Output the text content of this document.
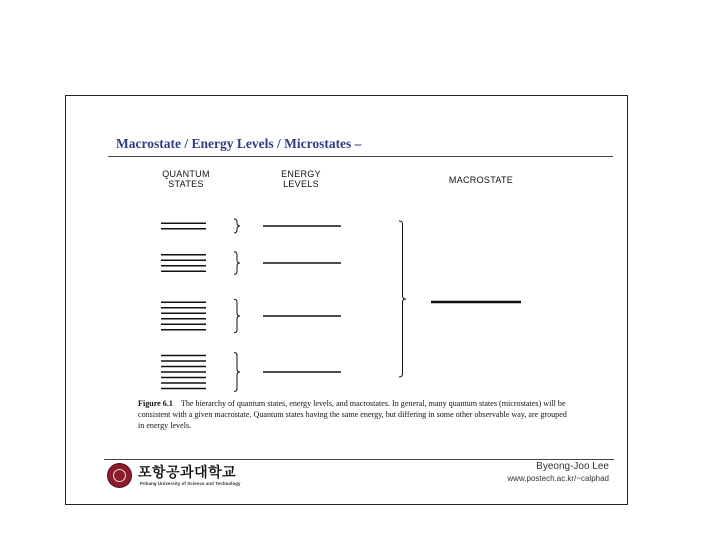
Macrostate / Energy Levels / Microstates –

QUANTUM
STATES

ENERGY
LEVELS	MACROSTATE

Figure 6.1 The hierarchy of quantum states, energy levels, and macrostates. In general, many quantum states (microstates) will be consistent with a given macrostate. Quantum states having the same energy, but differing in some other observable way, are grouped in energy levels.

포항공과대학교

Pohang University of Science and Technology

Byeong-Joo Lee

www.postech.ac.kr/~calphad
